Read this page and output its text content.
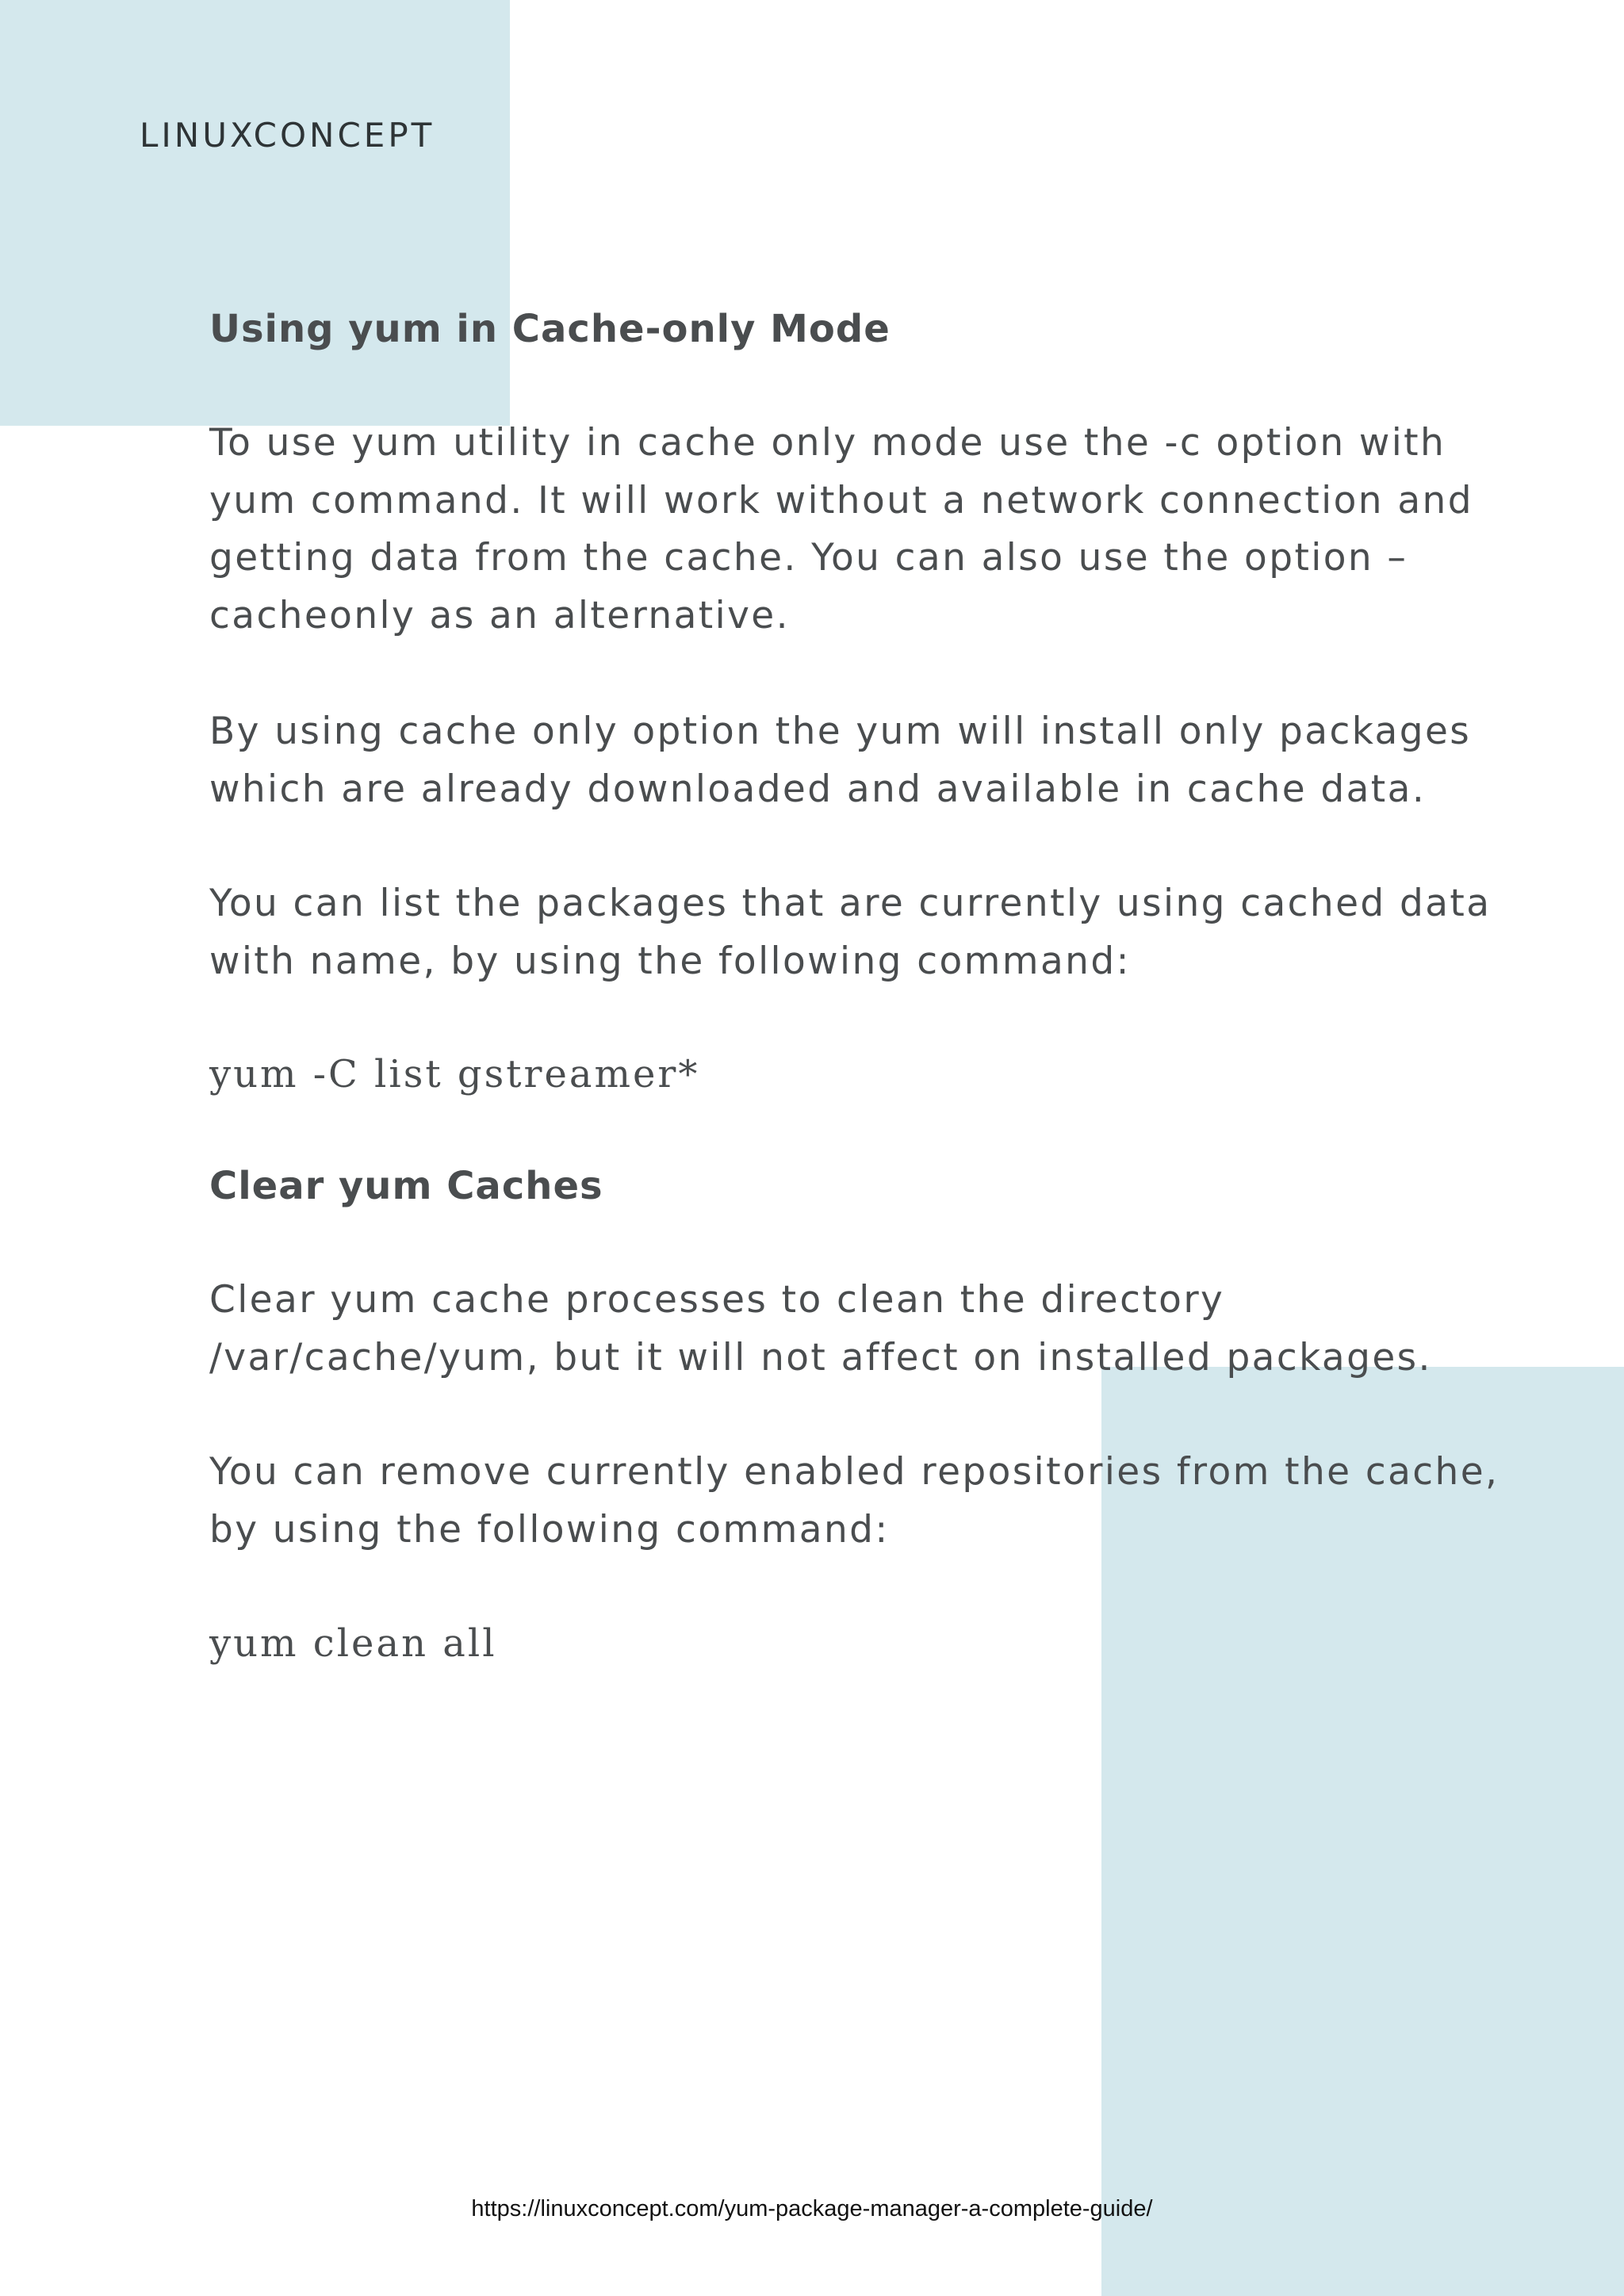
LINUXCONCEPT
Using yum in Cache-only Mode

To use yum utility in cache only mode use the -c option with
yum command. It will work without a network connection and
getting data from the cache. You can also use the option –
cacheonly as an alternative.

By using cache only option the yum will install only packages
which are already downloaded and available in cache data.

You can list the packages that are currently using cached data
with name, by using the following command:

yum -C list gstreamer*

Clear yum Caches

Clear yum cache processes to clean the directory
/var/cache/yum, but it will not affect on installed packages.

You can remove currently enabled repositories from the cache,
by using the following command:

yum clean all

https://linuxconcept.com/yum-package-manager-a-complete-guide/
